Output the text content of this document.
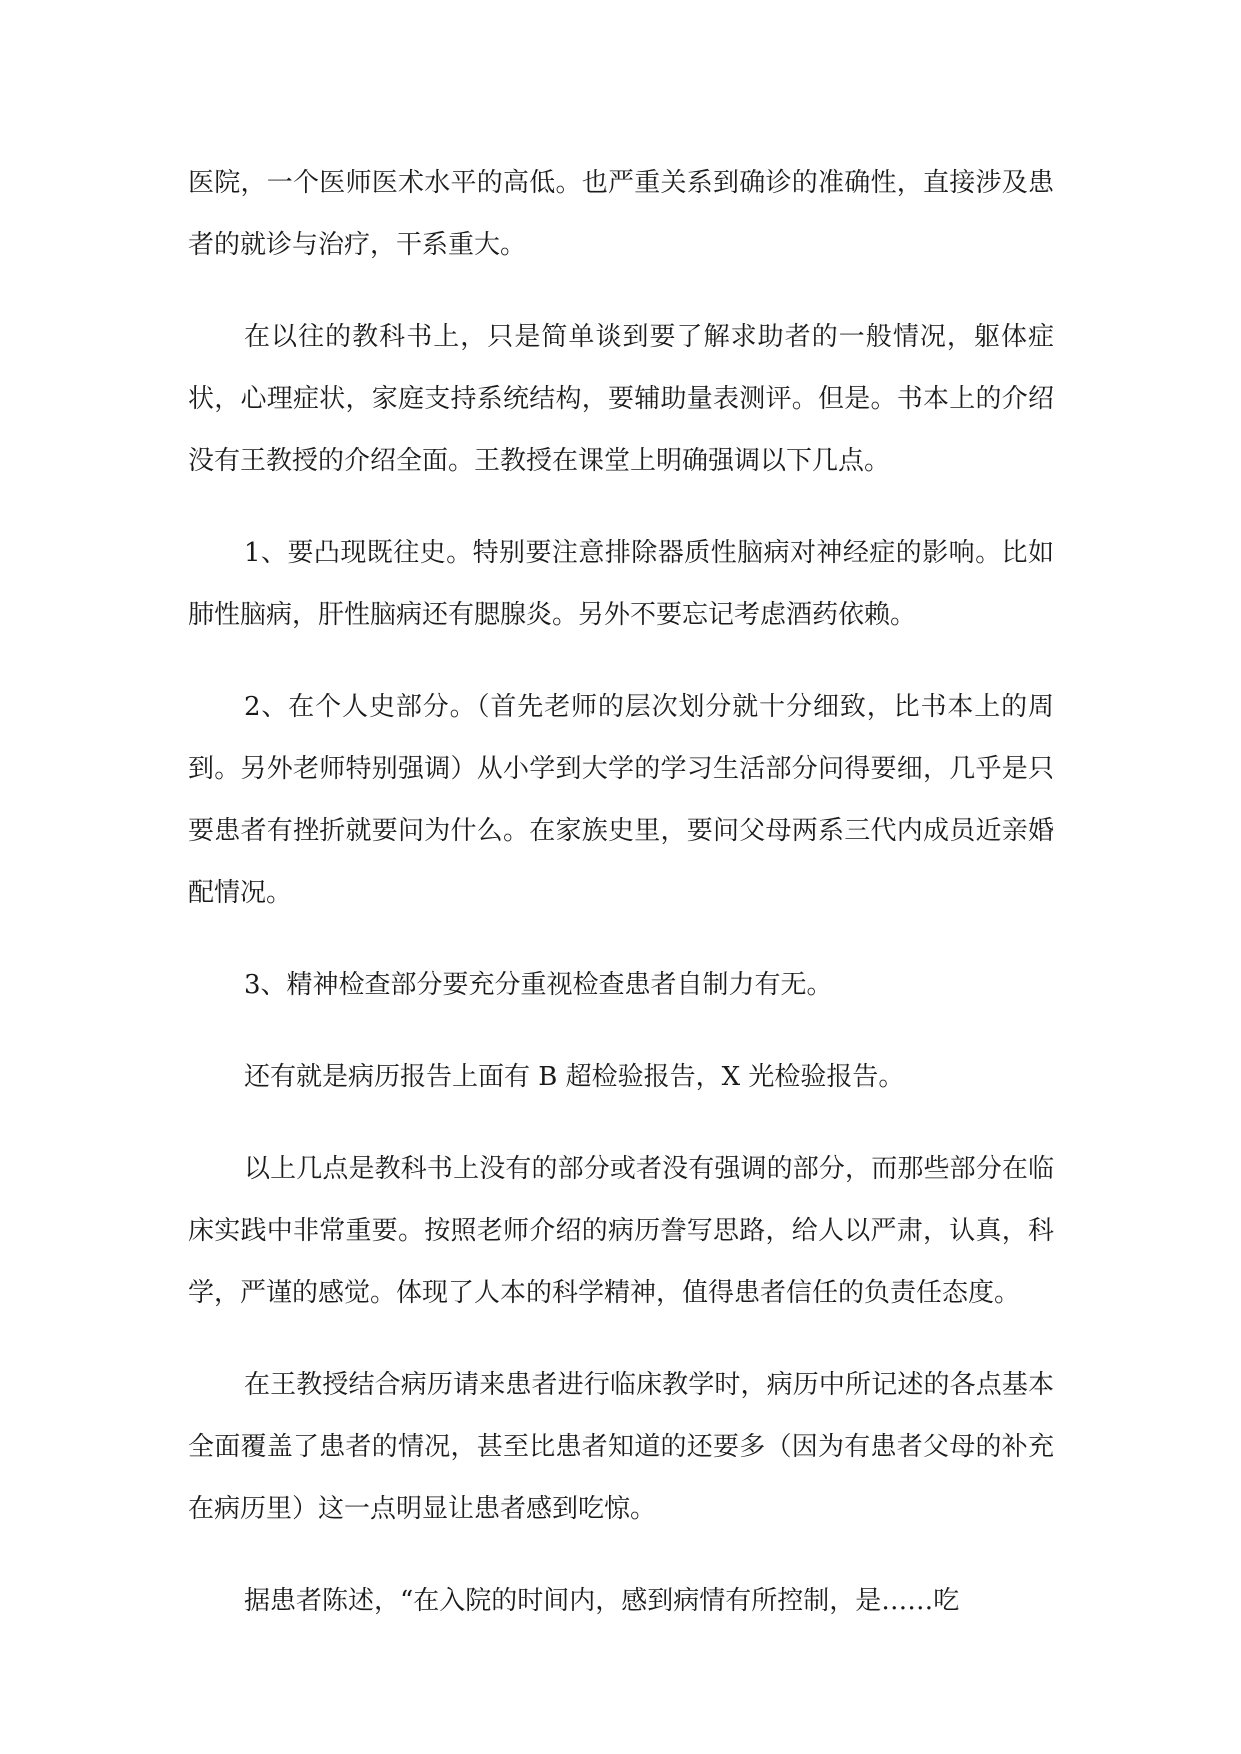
医院，一个医师医术水平的高低。也严重关系到确诊的准确性，直接涉及患者的就诊与治疗，干系重大。

在以往的教科书上，只是简单谈到要了解求助者的一般情况，躯体症状，心理症状，家庭支持系统结构，要辅助量表测评。但是。书本上的介绍没有王教授的介绍全面。王教授在课堂上明确强调以下几点。

1、要凸现既往史。特别要注意排除器质性脑病对神经症的影响。比如肺性脑病，肝性脑病还有腮腺炎。另外不要忘记考虑酒药依赖。

2、在个人史部分。（首先老师的层次划分就十分细致，比书本上的周到。另外老师特别强调）从小学到大学的学习生活部分问得要细，几乎是只要患者有挫折就要问为什么。在家族史里，要问父母两系三代内成员近亲婚配情况。

3、精神检查部分要充分重视检查患者自制力有无。

还有就是病历报告上面有 B 超检验报告，X 光检验报告。

以上几点是教科书上没有的部分或者没有强调的部分，而那些部分在临床实践中非常重要。按照老师介绍的病历誊写思路，给人以严肃，认真，科学，严谨的感觉。体现了人本的科学精神，值得患者信任的负责任态度。

在王教授结合病历请来患者进行临床教学时，病历中所记述的各点基本全面覆盖了患者的情况，甚至比患者知道的还要多（因为有患者父母的补充在病历里）这一点明显让患者感到吃惊。

据患者陈述，“在入院的时间内，感到病情有所控制，是……吃
